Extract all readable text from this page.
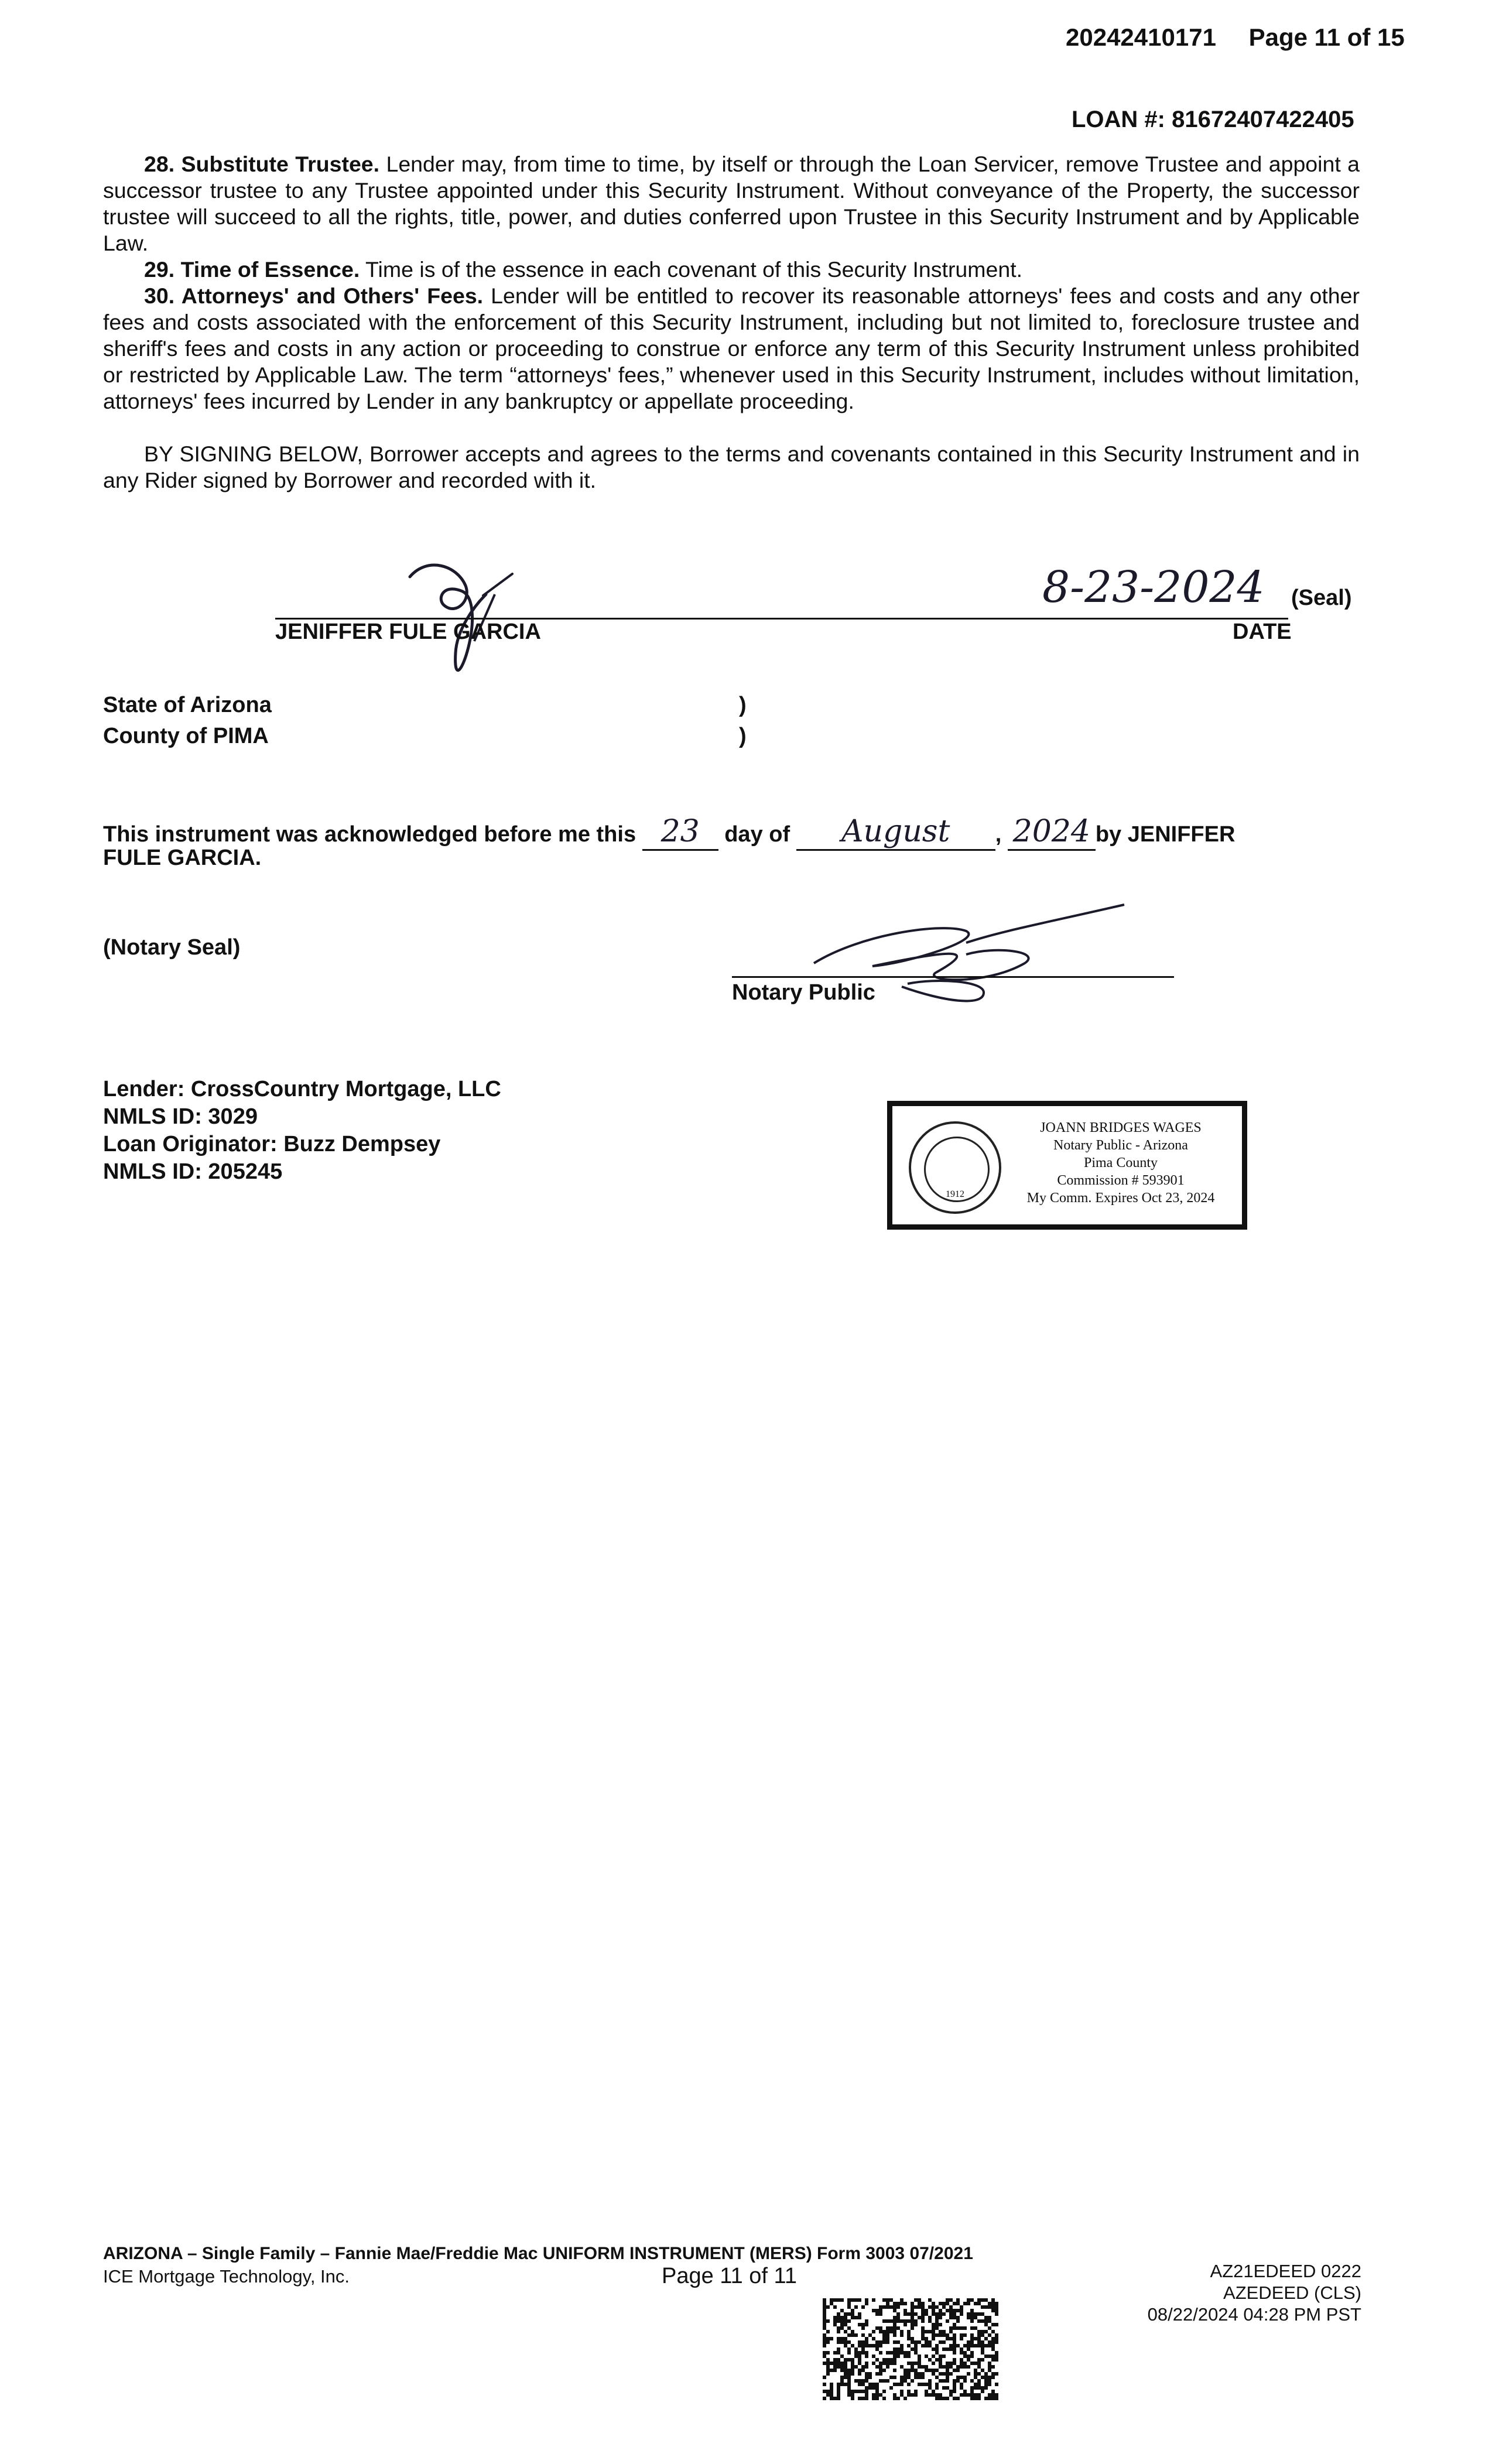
20242410171 Page 11 of 15
LOAN #: 81672407422405

28. Substitute Trustee. Lender may, from time to time, by itself or through the Loan Servicer, remove Trustee and appoint a successor trustee to any Trustee appointed under this Security Instrument. Without conveyance of the Property, the successor trustee will succeed to all the rights, title, power, and duties conferred upon Trustee in this Security Instrument and by Applicable Law.

29. Time of Essence. Time is of the essence in each covenant of this Security Instrument.

30. Attorneys' and Others' Fees. Lender will be entitled to recover its reasonable attorneys' fees and costs and any other fees and costs associated with the enforcement of this Security Instrument, including but not limited to, foreclosure trustee and sheriff's fees and costs in any action or proceeding to construe or enforce any term of this Security Instrument unless prohibited or restricted by Applicable Law. The term “attorneys' fees,” whenever used in this Security Instrument, includes without limitation, attorneys' fees incurred by Lender in any bankruptcy or appellate proceeding.

BY SIGNING BELOW, Borrower accepts and agrees to the terms and covenants contained in this Security Instrument and in any Rider signed by Borrower and recorded with it.

8-23-2024 (Seal)
JENIFFER FULE GARCIA	DATE
State of Arizona
County of PIMA
)
)
This instrument was acknowledged before me this 23 day of August , 2024 by JENIFFER
FULE GARCIA.
(Notary Seal)
Notary Public
Lender: CrossCountry Mortgage, LLC
NMLS ID: 3029
Loan Originator: Buzz Dempsey
NMLS ID: 205245
1912
JOANN BRIDGES WAGES
Notary Public - Arizona
Pima County
Commission # 593901
My Comm. Expires Oct 23, 2024
ARIZONA – Single Family – Fannie Mae/Freddie Mac UNIFORM INSTRUMENT (MERS) Form 3003 07/2021
ICE Mortgage Technology, Inc.	Page 11 of 11	AZ21EDEED 0222
AZEDEED (CLS)
08/22/2024 04:28 PM PST
